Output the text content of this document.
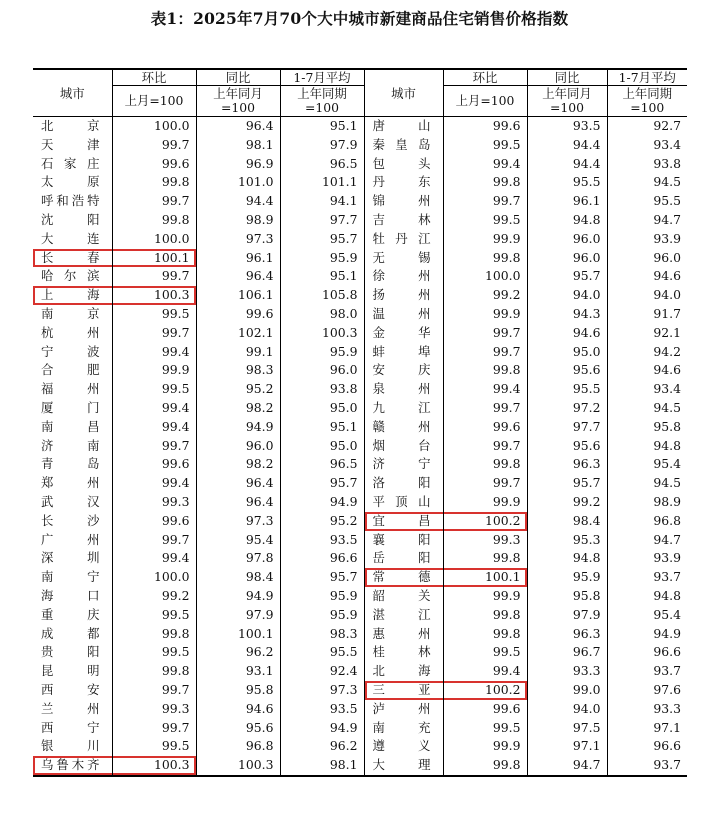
表1：2025年7月70个大中城市新建商品住宅销售价格指数
城市	环比	同比	1-7月平均	城市	环比	同比	1-7月平均
	上月=100	上年同月=100	上年同期=100		上月=100	上年同月=100	上年同期=100
北京	100.0	96.4	95.1	唐山	99.6	93.5	92.7
天津	99.7	98.1	97.9	秦皇岛	99.5	94.4	93.4
石家庄	99.6	96.9	96.5	包头	99.4	94.4	93.8
太原	99.8	101.0	101.1	丹东	99.8	95.5	94.5
呼和浩特	99.7	94.4	94.1	锦州	99.7	96.1	95.5
沈阳	99.8	98.9	97.7	吉林	99.5	94.8	94.7
大连	100.0	97.3	95.7	牡丹江	99.9	96.0	93.9
长春	100.1	96.1	95.9	无锡	99.8	96.0	96.0
哈尔滨	99.7	96.4	95.1	徐州	100.0	95.7	94.6
上海	100.3	106.1	105.8	扬州	99.2	94.0	94.0
南京	99.5	99.6	98.0	温州	99.9	94.3	91.7
杭州	99.7	102.1	100.3	金华	99.7	94.6	92.1
宁波	99.4	99.1	95.9	蚌埠	99.7	95.0	94.2
合肥	99.9	98.3	96.0	安庆	99.8	95.6	94.6
福州	99.5	95.2	93.8	泉州	99.4	95.5	93.4
厦门	99.4	98.2	95.0	九江	99.7	97.2	94.5
南昌	99.4	94.9	95.1	赣州	99.6	97.7	95.8
济南	99.7	96.0	95.0	烟台	99.7	95.6	94.8
青岛	99.6	98.2	96.5	济宁	99.8	96.3	95.4
郑州	99.4	96.4	95.7	洛阳	99.7	95.7	94.5
武汉	99.3	96.4	94.9	平顶山	99.9	99.2	98.9
长沙	99.6	97.3	95.2	宜昌	100.2	98.4	96.8
广州	99.7	95.4	93.5	襄阳	99.3	95.3	94.7
深圳	99.4	97.8	96.6	岳阳	99.8	94.8	93.9
南宁	100.0	98.4	95.7	常德	100.1	95.9	93.7
海口	99.2	94.9	95.9	韶关	99.9	95.8	94.8
重庆	99.5	97.9	95.9	湛江	99.8	97.9	95.4
成都	99.8	100.1	98.3	惠州	99.8	96.3	94.9
贵阳	99.5	96.2	95.5	桂林	99.5	96.7	96.6
昆明	99.8	93.1	92.4	北海	99.4	93.3	93.7
西安	99.7	95.8	97.3	三亚	100.2	99.0	97.6
兰州	99.3	94.6	93.5	泸州	99.6	94.0	93.3
西宁	99.7	95.6	94.9	南充	99.5	97.5	97.1
银川	99.5	96.8	96.2	遵义	99.9	97.1	96.6
乌鲁木齐	100.3	100.3	98.1	大理	99.8	94.7	93.7
